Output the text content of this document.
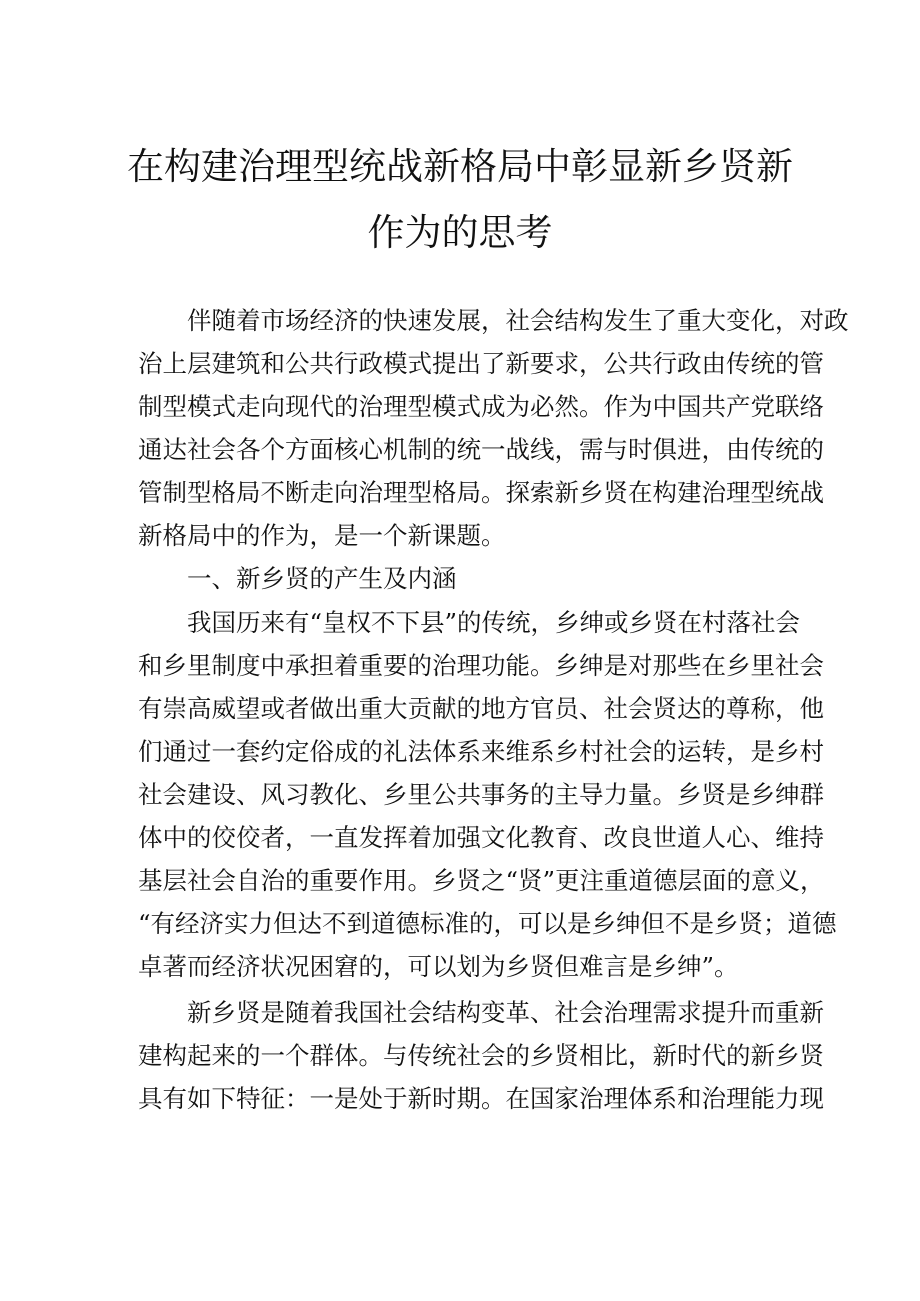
在构建治理型统战新格局中彰显新乡贤新
作为的思考
伴随着市场经济的快速发展，社会结构发生了重大变化，对政
治上层建筑和公共行政模式提出了新要求，公共行政由传统的管
制型模式走向现代的治理型模式成为必然。作为中国共产党联络
通达社会各个方面核心机制的统一战线，需与时俱进，由传统的
管制型格局不断走向治理型格局。探索新乡贤在构建治理型统战
新格局中的作为，是一个新课题。
一、新乡贤的产生及内涵
我国历来有“皇权不下县”的传统，乡绅或乡贤在村落社会
和乡里制度中承担着重要的治理功能。乡绅是对那些在乡里社会
有崇高威望或者做出重大贡献的地方官员、社会贤达的尊称，他
们通过一套约定俗成的礼法体系来维系乡村社会的运转，是乡村
社会建设、风习教化、乡里公共事务的主导力量。乡贤是乡绅群
体中的佼佼者，一直发挥着加强文化教育、改良世道人心、维持
基层社会自治的重要作用。乡贤之“贤”更注重道德层面的意义，
“有经济实力但达不到道德标准的，可以是乡绅但不是乡贤；道德
卓著而经济状况困窘的，可以划为乡贤但难言是乡绅”。
新乡贤是随着我国社会结构变革、社会治理需求提升而重新
建构起来的一个群体。与传统社会的乡贤相比，新时代的新乡贤
具有如下特征：一是处于新时期。在国家治理体系和治理能力现
